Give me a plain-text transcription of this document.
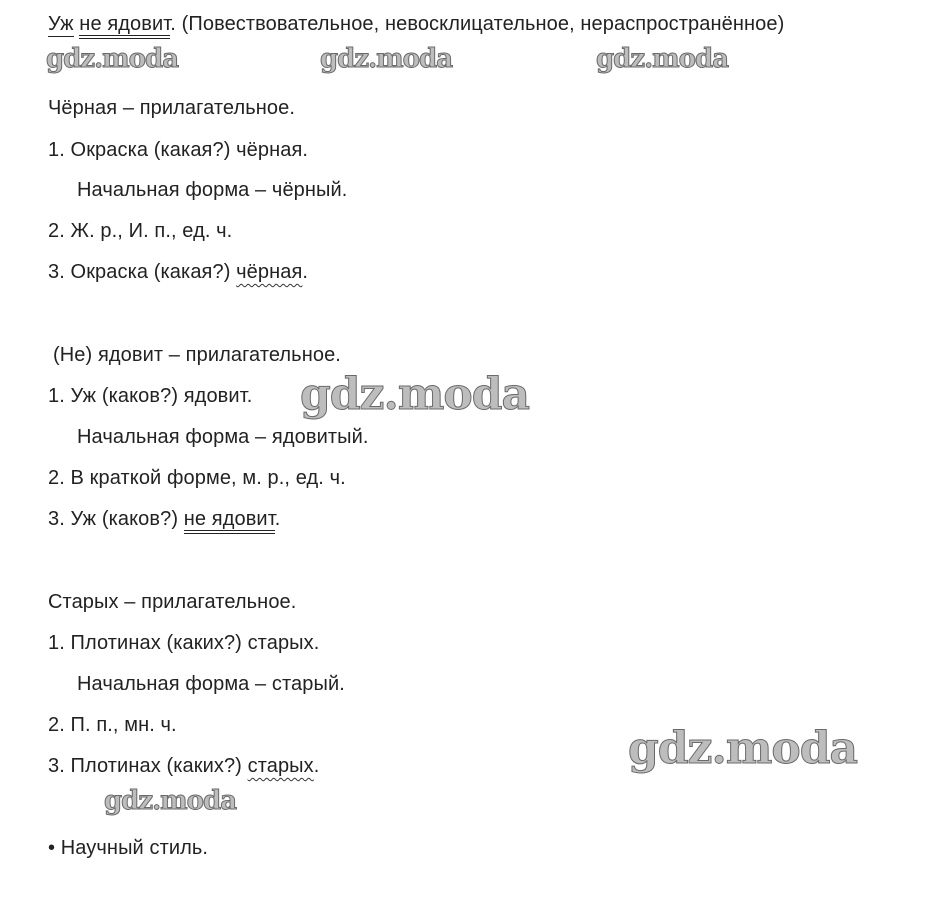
Уж не ядовит. (Повествовательное, невосклицательное, нераспространённое)
gdz.moda	gdz.moda	gdz.moda
Чёрная – прилагательное.
1. Окраска (какая?) чёрная.
Начальная форма – чёрный.
2. Ж. р., И. п., ед. ч.
3. Окраска (какая?) чёрная.
(Не) ядовит – прилагательное.
1. Уж (каков?) ядовит. gdz.moda
Начальная форма – ядовитый.
2. В краткой форме, м. р., ед. ч.
3. Уж (каков?) не ядовит.
Старых – прилагательное.
1. Плотинах (каких?) старых.
Начальная форма – старый.
2. П. п., мн. ч.
3. Плотинах (каких?) старых.	gdz.moda
gdz.moda
• Научный стиль.
